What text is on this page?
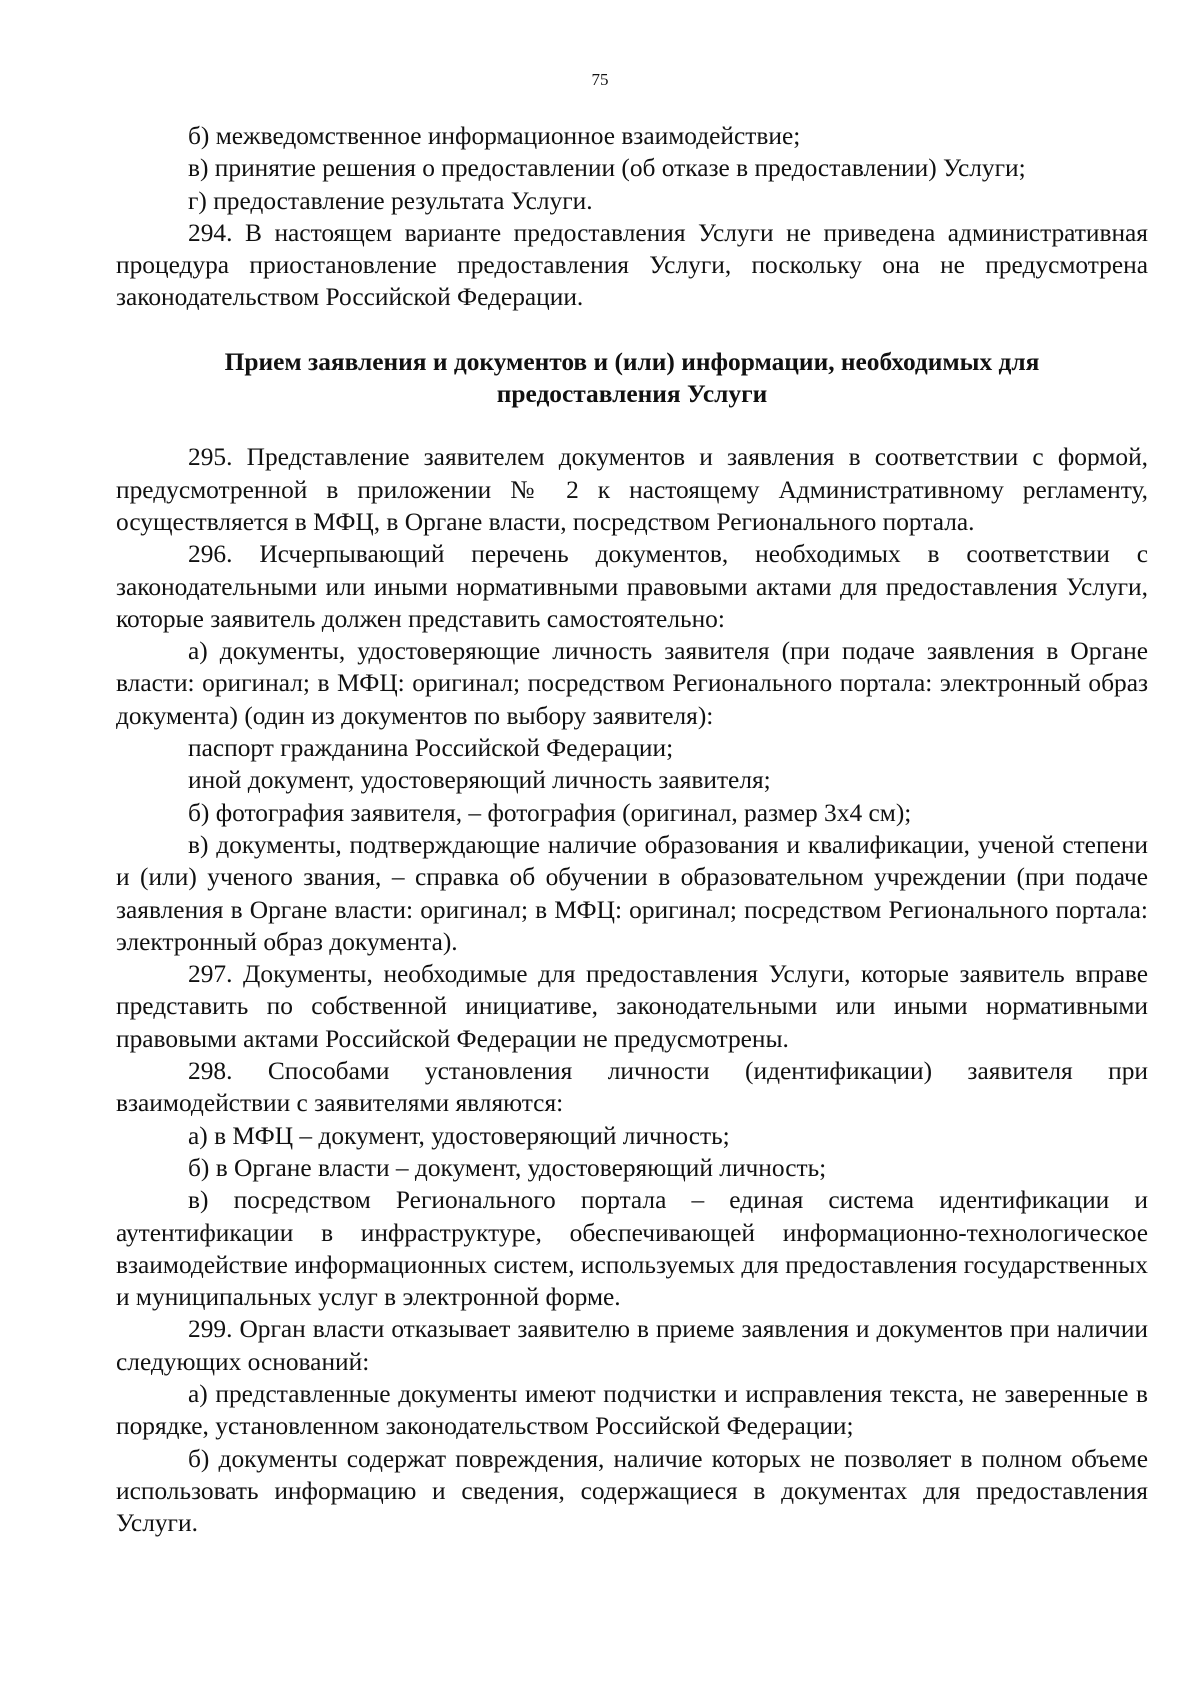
75

б) межведомственное информационное взаимодействие;

в) принятие решения о предоставлении (об отказе в предоставлении) Услуги;

г) предоставление результата Услуги.

294. В настоящем варианте предоставления Услуги не приведена административная процедура приостановление предоставления Услуги, поскольку она не предусмотрена законодательством Российской Федерации.

Прием заявления и документов и (или) информации, необходимых для
предоставления Услуги

295. Представление заявителем документов и заявления в соответствии с формой, предусмотренной в приложении № 2 к настоящему Административному регламенту, осуществляется в МФЦ, в Органе власти, посредством Регионального портала.

296. Исчерпывающий перечень документов, необходимых в соответствии с законодательными или иными нормативными правовыми актами для предоставления Услуги, которые заявитель должен представить самостоятельно:

а) документы, удостоверяющие личность заявителя (при подаче заявления в Органе власти: оригинал; в МФЦ: оригинал; посредством Регионального портала: электронный образ документа) (один из документов по выбору заявителя):

паспорт гражданина Российской Федерации;

иной документ, удостоверяющий личность заявителя;

б) фотография заявителя, – фотография (оригинал, размер 3х4 см);

в) документы, подтверждающие наличие образования и квалификации, ученой степени и (или) ученого звания, – справка об обучении в образовательном учреждении (при подаче заявления в Органе власти: оригинал; в МФЦ: оригинал; посредством Регионального портала: электронный образ документа).

297. Документы, необходимые для предоставления Услуги, которые заявитель вправе представить по собственной инициативе, законодательными или иными нормативными правовыми актами Российской Федерации не предусмотрены.

298. Способами установления личности (идентификации) заявителя при взаимодействии с заявителями являются:

а) в МФЦ – документ, удостоверяющий личность;

б) в Органе власти – документ, удостоверяющий личность;

в) посредством Регионального портала – единая система идентификации и аутентификации в инфраструктуре, обеспечивающей информационно-технологическое взаимодействие информационных систем, используемых для предоставления государственных и муниципальных услуг в электронной форме.

299. Орган власти отказывает заявителю в приеме заявления и документов при наличии следующих оснований:

а) представленные документы имеют подчистки и исправления текста, не заверенные в порядке, установленном законодательством Российской Федерации;

б) документы содержат повреждения, наличие которых не позволяет в полном объеме использовать информацию и сведения, содержащиеся в документах для предоставления Услуги.
